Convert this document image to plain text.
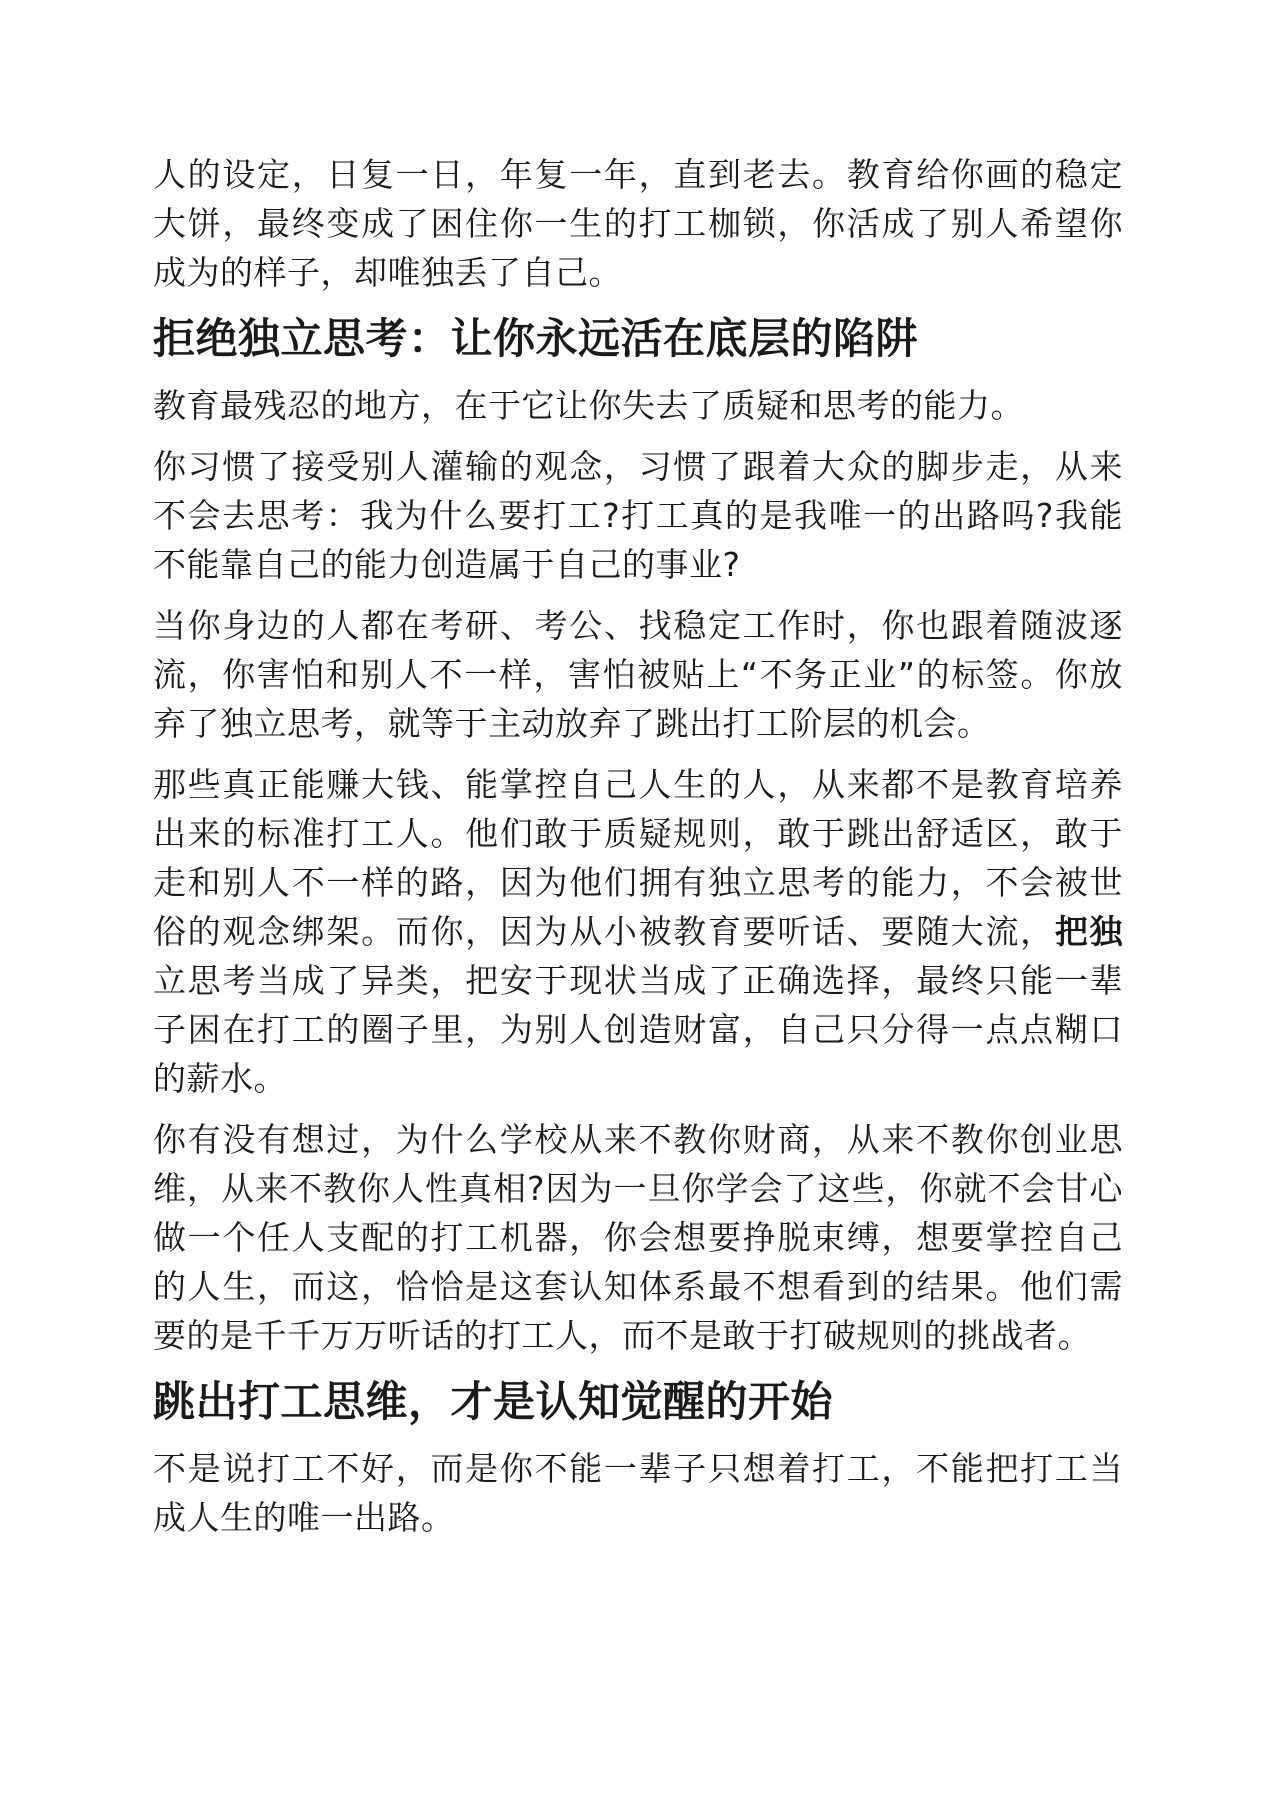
人的设定，日复一日，年复一年，直到老去。教育给你画的稳定大饼，最终变成了困住你一生的打工枷锁，你活成了别人希望你成为的样子，却唯独丢了自己。

拒绝独立思考：让你永远活在底层的陷阱

教育最残忍的地方，在于它让你失去了质疑和思考的能力。

你习惯了接受别人灌输的观念，习惯了跟着大众的脚步走，从来不会去思考：我为什么要打工?打工真的是我唯一的出路吗?我能不能靠自己的能力创造属于自己的事业?

当你身边的人都在考研、考公、找稳定工作时，你也跟着随波逐流，你害怕和别人不一样，害怕被贴上“不务正业”的标签。你放弃了独立思考，就等于主动放弃了跳出打工阶层的机会。

那些真正能赚大钱、能掌控自己人生的人，从来都不是教育培养出来的标准打工人。他们敢于质疑规则，敢于跳出舒适区，敢于走和别人不一样的路，因为他们拥有独立思考的能力，不会被世俗的观念绑架。而你，因为从小被教育要听话、要随大流，把独立思考当成了异类，把安于现状当成了正确选择，最终只能一辈子困在打工的圈子里，为别人创造财富，自己只分得一点点糊口的薪水。

你有没有想过，为什么学校从来不教你财商，从来不教你创业思维，从来不教你人性真相?因为一旦你学会了这些，你就不会甘心做一个任人支配的打工机器，你会想要挣脱束缚，想要掌控自己的人生，而这，恰恰是这套认知体系最不想看到的结果。他们需要的是千千万万听话的打工人，而不是敢于打破规则的挑战者。

跳出打工思维，才是认知觉醒的开始

不是说打工不好，而是你不能一辈子只想着打工，不能把打工当成人生的唯一出路。
